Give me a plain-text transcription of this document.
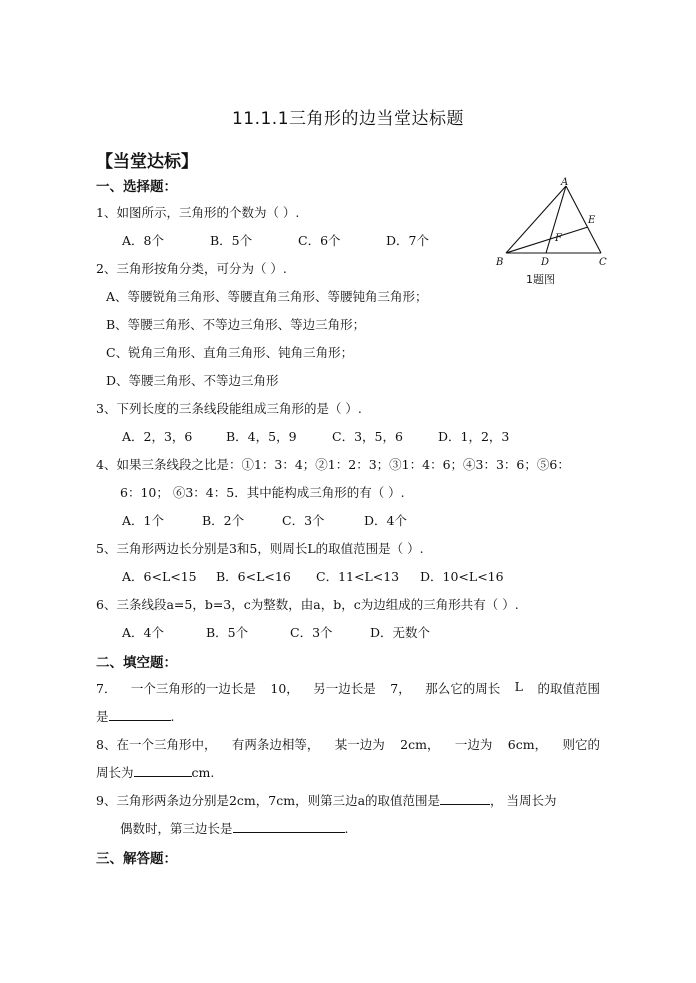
11.1.1三角形的边当堂达标题
【当堂达标】
一、选择题：	A
B	C
D
E
F
1题图
1、如图所示，三角形的个数为（ ）.
A．8个	B．5个	C．6个	D．7个
2、三角形按角分类，可分为（ ）.
A、等腰锐角三角形、等腰直角三角形、等腰钝角三角形；
B、等腰三角形、不等边三角形、等边三角形；
C、锐角三角形、直角三角形、钝角三角形；
D、等腰三角形、不等边三角形
3、下列长度的三条线段能组成三角形的是（ ）.
A．2，3，6	B．4，5，9	C．3，5，6	D．1，2，3
4、如果三条线段之比是：①1：3：4；②1：2：3；③1：4：6；④3：3：6；⑤6：
6：10； ⑥3：4：5．其中能构成三角形的有（ ）.
A．1个	B．2个	C．3个	D．4个
5、三角形两边长分别是3和5，则周长L的取值范围是（ ）.
A．6<L<15 B．6<L<16 C．11<L<13 D．10<L<16
6、三条线段a=5，b=3，c为整数，由a，b，c为边组成的三角形共有（ ）.
A．4个	B．5个	C．3个	D．无数个
二、填空题：
7． 一个三角形的一边长是 10， 另一边长是 7， 那么它的周长 L 的取值范围
是	.
8、在一个三角形中， 有两条边相等， 某一边为 2cm， 一边为 6cm， 则它的
周长为	cm.
9、三角形两条边分别是2cm，7cm，则第三边a的取值范围是	， 当周长为
偶数时，第三边长是	.
三、解答题：
